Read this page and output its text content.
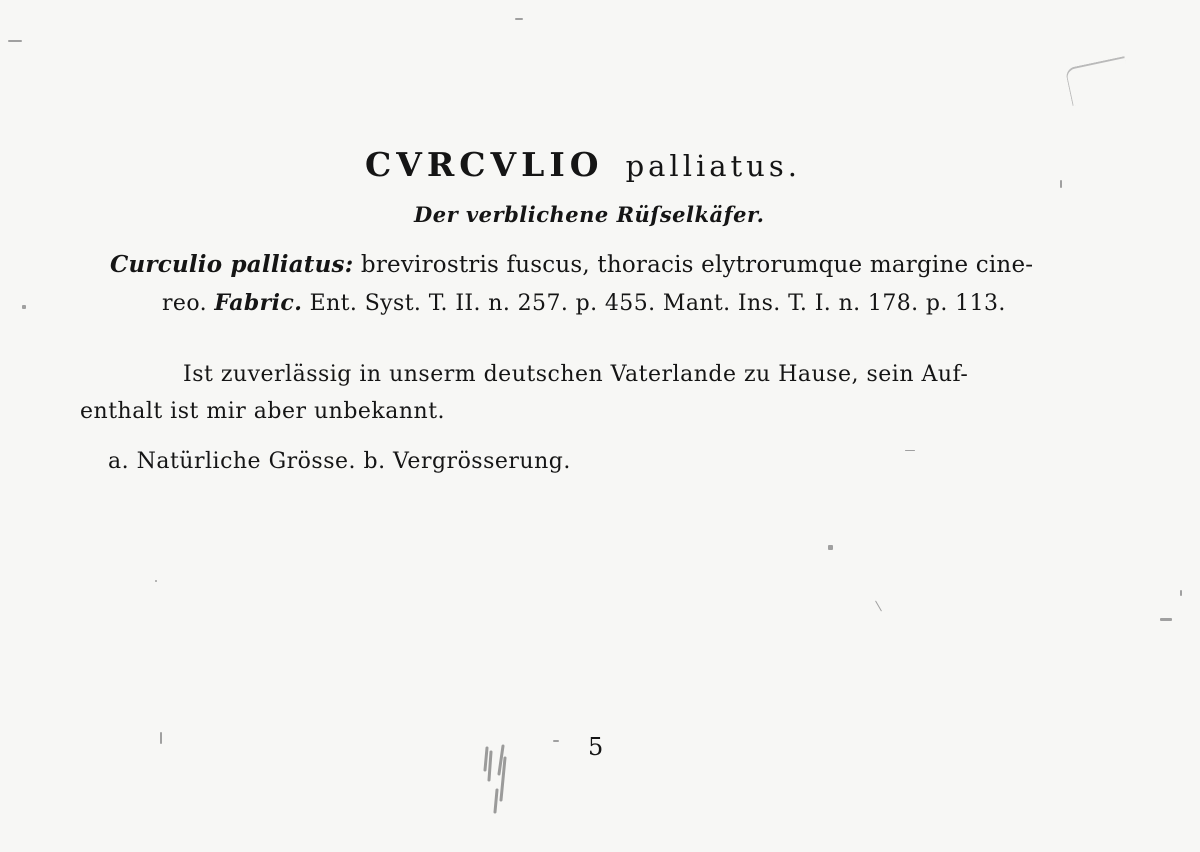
CVRCVLIO palliatus.
Der verblichene Rüſselkäfer.
Curculio palliatus: brevirostris fuscus, thoracis elytrorumque margine cine-
reo. Fabric. Ent. Syst. T. II. n. 257. p. 455. Mant. Ins. T. I. n. 178. p. 113.
Ist zuverlässig in unserm deutschen Vaterlande zu Hause, sein Auf-
enthalt ist mir aber unbekannt.
a. Natürliche Grösse. b. Vergrösserung.
5
